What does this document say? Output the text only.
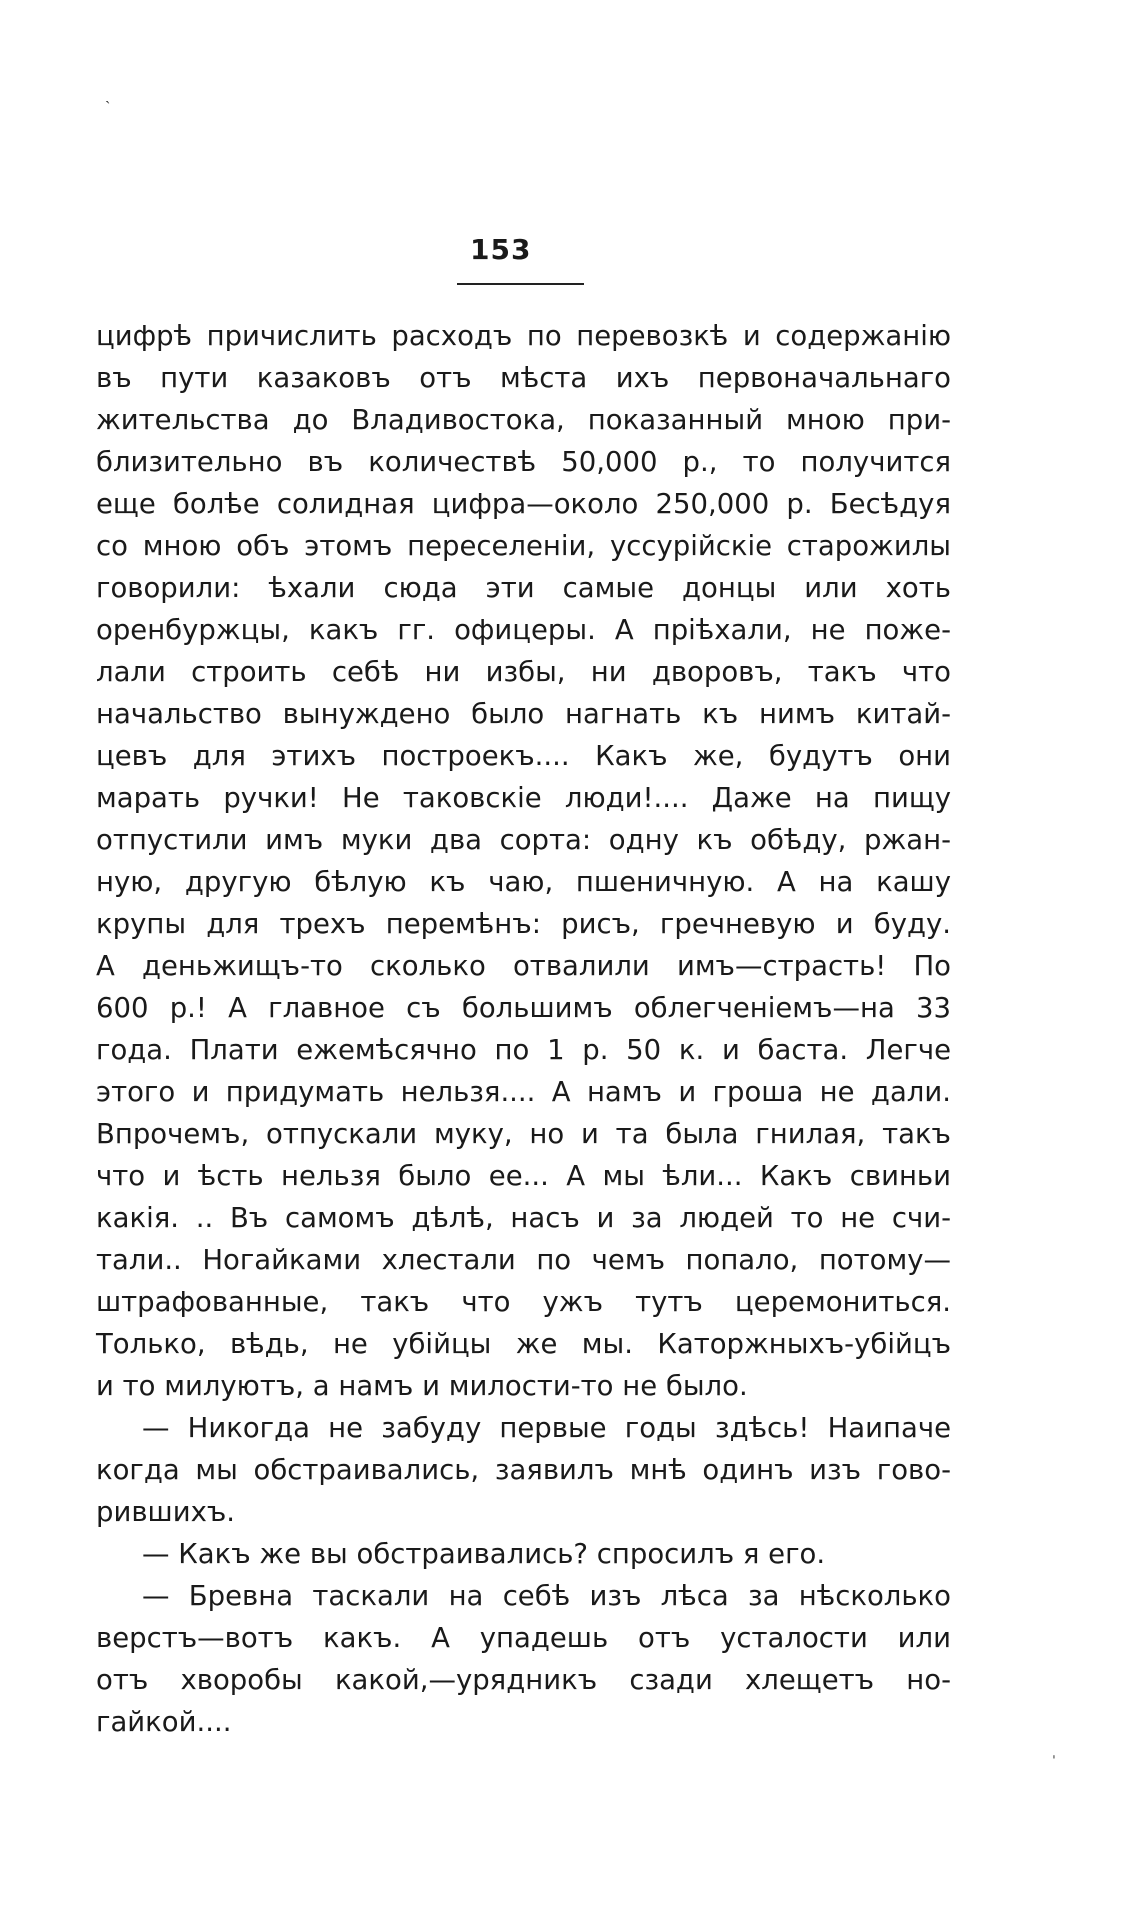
ˎ
153
цифрѣ причислить расходъ по перевозкѣ и содержанію
въ пути казаковъ отъ мѣста ихъ первоначальнаго
жительства до Владивостока, показанный мною при-
близительно въ количествѣ 50,000 р., то получится
еще болѣе солидная цифра—около 250,000 р. Бесѣдуя
со мною объ этомъ переселеніи, уссурійскіе старожилы
говорили: ѣхали сюда эти самые донцы или хоть
оренбуржцы, какъ гг. офицеры. А пріѣхали, не поже-
лали строить себѣ ни избы, ни дворовъ, такъ что
начальство вынуждено было нагнать къ нимъ китай-
цевъ для этихъ построекъ.... Какъ же, будутъ они
марать ручки! Не таковскіе люди!.... Даже на пищу
отпустили имъ муки два сорта: одну къ обѣду, ржан-
ную, другую бѣлую къ чаю, пшеничную. А на кашу
крупы для трехъ перемѣнъ: рисъ, гречневую и буду.
А деньжищъ-то сколько отвалили имъ—страсть! По
600 р.! А главное съ большимъ облегченіемъ—на 33
года. Плати ежемѣсячно по 1 р. 50 к. и баста. Легче
этого и придумать нельзя.... А намъ и гроша не дали.
Впрочемъ, отпускали муку, но и та была гнилая, такъ
что и ѣсть нельзя было ее... А мы ѣли... Какъ свиньи
какія. .. Въ самомъ дѣлѣ, насъ и за людей то не счи-
тали.. Ногайками хлестали по чемъ попало, потому—
штрафованные, такъ что ужъ тутъ церемониться.
Только, вѣдь, не убійцы же мы. Каторжныхъ-убійцъ
и то милуютъ, а намъ и милости-то не было.
— Никогда не забуду первые годы здѣсь! Наипаче
когда мы обстраивались, заявилъ мнѣ одинъ изъ гово-
рившихъ.
— Какъ же вы обстраивались? спросилъ я его.
— Бревна таскали на себѣ изъ лѣса за нѣсколько
верстъ—вотъ какъ. А упадешь отъ усталости или
отъ хворобы какой,—урядникъ сзади хлещетъ но-
гайкой....
ˌ
